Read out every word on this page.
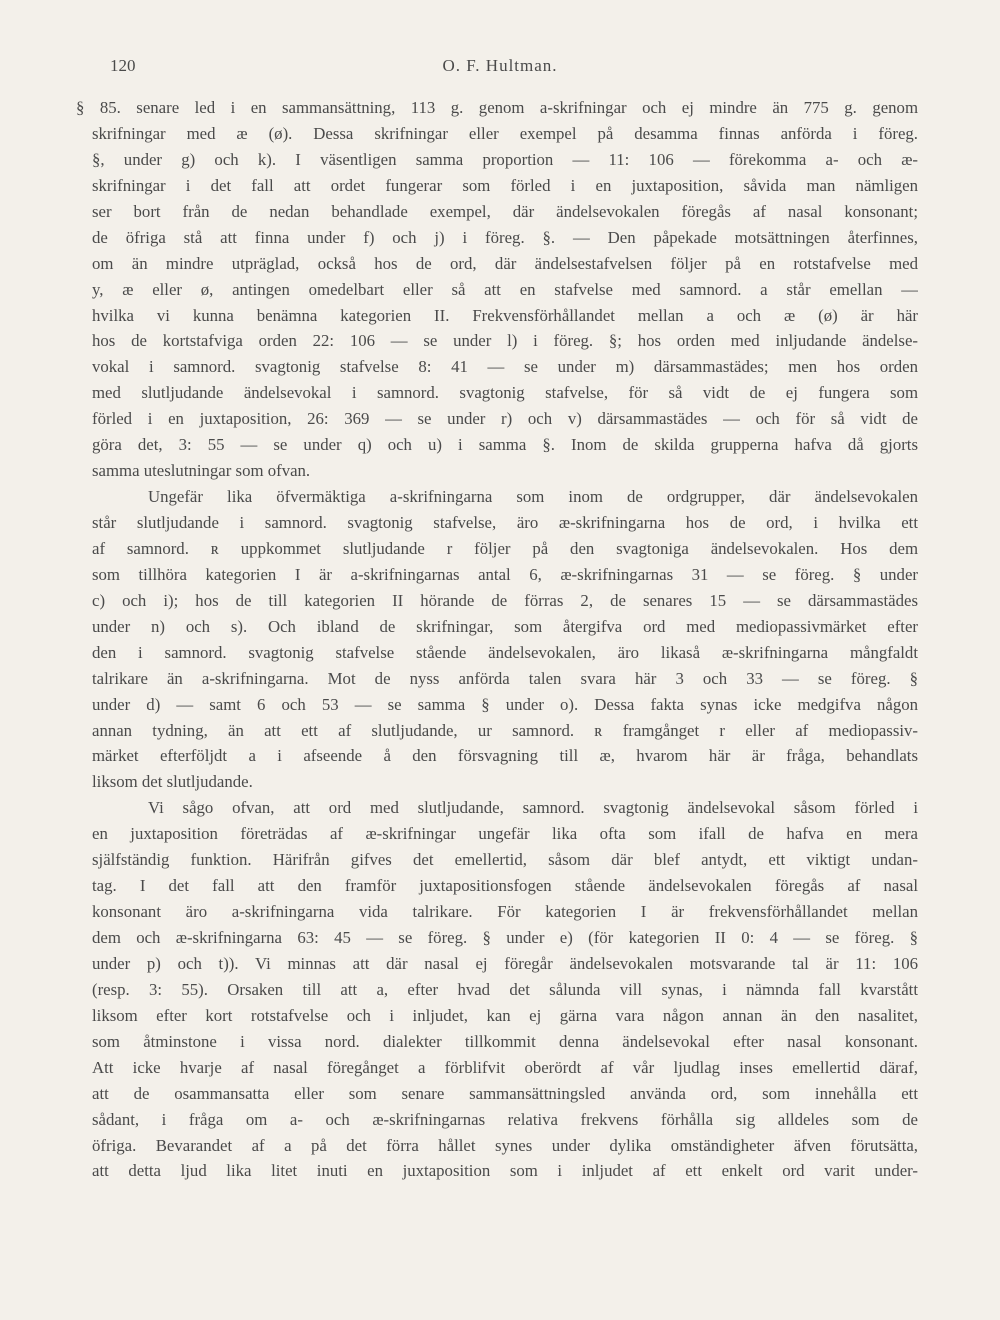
120	O. F. Hultman.
§ 85. senare led i en sammansättning, 113 g. genom a-skrifningar och ej mindre än 775 g. genom
skrifningar med æ (ø). Dessa skrifningar eller exempel på desamma finnas anförda i föreg.
§, under g) och k). I väsentligen samma proportion — 11: 106 — förekomma a- och æ-
skrifningar i det fall att ordet fungerar som förled i en juxtaposition, såvida man nämligen
ser bort från de nedan behandlade exempel, där ändelsevokalen föregås af nasal konsonant;
de öfriga stå att finna under f) och j) i föreg. §. — Den påpekade motsättningen återfinnes,
om än mindre utpräglad, också hos de ord, där ändelsestafvelsen följer på en rotstafvelse med
y, æ eller ø, antingen omedelbart eller så att en stafvelse med samnord. a står emellan —
hvilka vi kunna benämna kategorien II. Frekvensförhållandet mellan a och æ (ø) är här
hos de kortstafviga orden 22: 106 — se under l) i föreg. §; hos orden med inljudande ändelse-
vokal i samnord. svagtonig stafvelse 8: 41 — se under m) därsammastädes; men hos orden
med slutljudande ändelsevokal i samnord. svagtonig stafvelse, för så vidt de ej fungera som
förled i en juxtaposition, 26: 369 — se under r) och v) därsammastädes — och för så vidt de
göra det, 3: 55 — se under q) och u) i samma §. Inom de skilda grupperna hafva då gjorts
samma uteslutningar som ofvan.
Ungefär lika öfvermäktiga a-skrifningarna som inom de ordgrupper, där ändelsevokalen
står slutljudande i samnord. svagtonig stafvelse, äro æ-skrifningarna hos de ord, i hvilka ett
af samnord. ʀ uppkommet slutljudande r följer på den svagtoniga ändelsevokalen. Hos dem
som tillhöra kategorien I är a-skrifningarnas antal 6, æ-skrifningarnas 31 — se föreg. § under
c) och i); hos de till kategorien II hörande de förras 2, de senares 15 — se därsammastädes
under n) och s). Och ibland de skrifningar, som återgifva ord med mediopassivmärket efter
den i samnord. svagtonig stafvelse stående ändelsevokalen, äro likaså æ-skrifningarna mångfaldt
talrikare än a-skrifningarna. Mot de nyss anförda talen svara här 3 och 33 — se föreg. §
under d) — samt 6 och 53 — se samma § under o). Dessa fakta synas icke medgifva någon
annan tydning, än att ett af slutljudande, ur samnord. ʀ framgånget r eller af mediopassiv-
märket efterföljdt a i afseende å den försvagning till æ, hvarom här är fråga, behandlats
liksom det slutljudande.
Vi sågo ofvan, att ord med slutljudande, samnord. svagtonig ändelsevokal såsom förled i
en juxtaposition företrädas af æ-skrifningar ungefär lika ofta som ifall de hafva en mera
själfständig funktion. Härifrån gifves det emellertid, såsom där blef antydt, ett viktigt undan-
tag. I det fall att den framför juxtapositionsfogen stående ändelsevokalen föregås af nasal
konsonant äro a-skrifningarna vida talrikare. För kategorien I är frekvensförhållandet mellan
dem och æ-skrifningarna 63: 45 — se föreg. § under e) (för kategorien II 0: 4 — se föreg. §
under p) och t)). Vi minnas att där nasal ej föregår ändelsevokalen motsvarande tal är 11: 106
(resp. 3: 55). Orsaken till att a, efter hvad det sålunda vill synas, i nämnda fall kvarstått
liksom efter kort rotstafvelse och i inljudet, kan ej gärna vara någon annan än den nasalitet,
som åtminstone i vissa nord. dialekter tillkommit denna ändelsevokal efter nasal konsonant.
Att icke hvarje af nasal föregånget a förblifvit oberördt af vår ljudlag inses emellertid däraf,
att de osammansatta eller som senare sammansättningsled använda ord, som innehålla ett
sådant, i fråga om a- och æ-skrifningarnas relativa frekvens förhålla sig alldeles som de
öfriga. Bevarandet af a på det förra hållet synes under dylika omständigheter äfven förutsätta,
att detta ljud lika litet inuti en juxtaposition som i inljudet af ett enkelt ord varit under-
